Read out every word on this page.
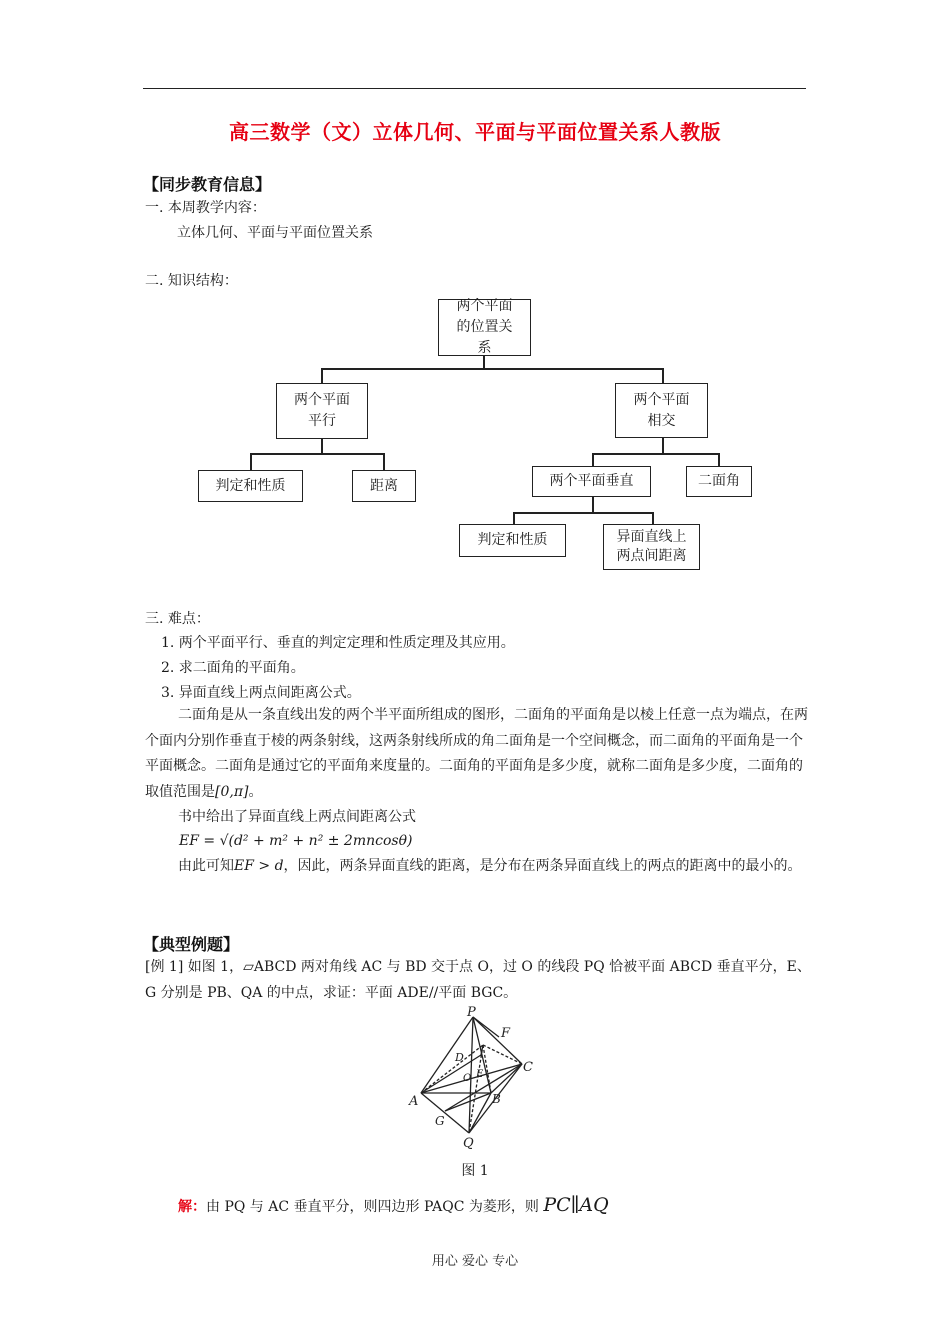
高三数学（文）立体几何、平面与平面位置关系人教版
【同步教育信息】
一. 本周教学内容：
立体几何、平面与平面位置关系
二. 知识结构：
两个平面的位置关系
两个平面平行
两个平面相交
判定和性质	距离	两个平面垂直	二面角
判定和性质	异面直线上两点间距离
三. 难点：
1. 两个平面平行、垂直的判定定理和性质定理及其应用。
2. 求二面角的平面角。
3. 异面直线上两点间距离公式。
二面角是从一条直线出发的两个半平面所组成的图形，二面角的平面角是以棱上任意一点为端点，在两个面内分别作垂直于棱的两条射线，这两条射线所成的角二面角是一个空间概念，而二面角的平面角是一个平面概念。二面角是通过它的平面角来度量的。二面角的平面角是多少度，就称二面角是多少度，二面角的取值范围是[0,π]。
书中给出了异面直线上两点间距离公式
EF = √(d² + m² + n² ± 2mncosθ)
由此可知EF > d，因此，两条异面直线的距离，是分布在两条异面直线上的两点的距离中的最小的。
【典型例题】
[例 1] 如图 1，▱ABCD 两对角线 AC 与 BD 交于点 O，过 O 的线段 PQ 恰被平面 ABCD 垂直平分，E、G 分别是 PB、QA 的中点，求证：平面 ADE//平面 BGC。
P
F
C
D
O E
A	B
G
Q
图 1
解：由 PQ 与 AC 垂直平分，则四边形 PAQC 为菱形，则 PC∥AQ
用心 爱心 专心
